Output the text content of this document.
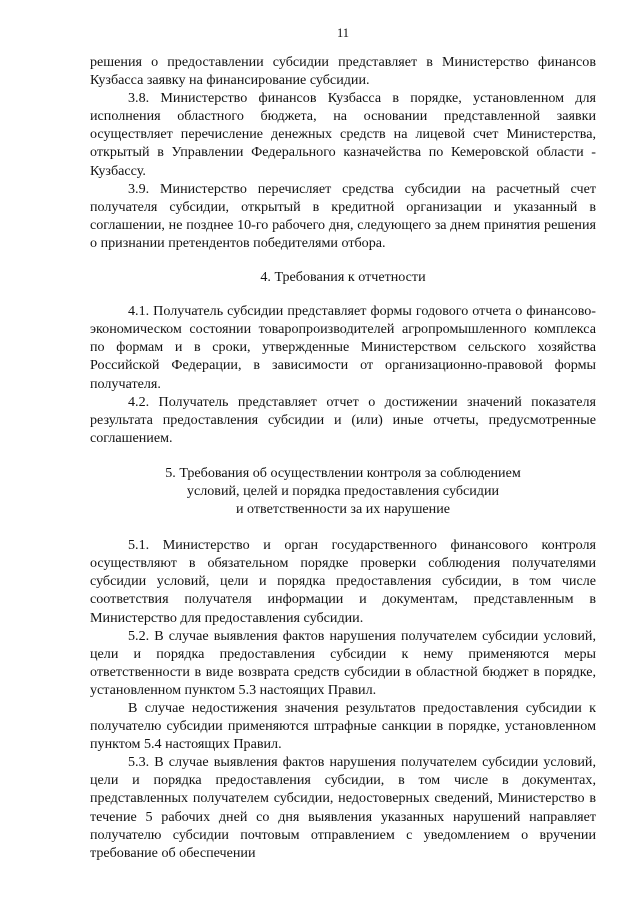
11

решения о предоставлении субсидии представляет в Министерство финансов Кузбасса заявку на финансирование субсидии.

3.8. Министерство финансов Кузбасса в порядке, установленном для исполнения областного бюджета, на основании представленной заявки осуществляет перечисление денежных средств на лицевой счет Министерства, открытый в Управлении Федерального казначейства по Кемеровской области - Кузбассу.

3.9. Министерство перечисляет средства субсидии на расчетный счет получателя субсидии, открытый в кредитной организации и указанный в соглашении, не позднее 10-го рабочего дня, следующего за днем принятия решения о признании претендентов победителями отбора.

4. Требования к отчетности

4.1. Получатель субсидии представляет формы годового отчета о финансово-экономическом состоянии товаропроизводителей агропромышленного комплекса по формам и в сроки, утвержденные Министерством сельского хозяйства Российской Федерации, в зависимости от организационно-правовой формы получателя.

4.2. Получатель представляет отчет о достижении значений показателя результата предоставления субсидии и (или) иные отчеты, предусмотренные соглашением.

5. Требования об осуществлении контроля за соблюдением
условий, целей и порядка предоставления субсидии
и ответственности за их нарушение

5.1. Министерство и орган государственного финансового контроля осуществляют в обязательном порядке проверки соблюдения получателями субсидии условий, цели и порядка предоставления субсидии, в том числе соответствия получателя информации и документам, представленным в Министерство для предоставления субсидии.

5.2. В случае выявления фактов нарушения получателем субсидии условий, цели и порядка предоставления субсидии к нему применяются меры ответственности в виде возврата средств субсидии в областной бюджет в порядке, установленном пунктом 5.3 настоящих Правил.

В случае недостижения значения результатов предоставления субсидии к получателю субсидии применяются штрафные санкции в порядке, установленном пунктом 5.4 настоящих Правил.

5.3. В случае выявления фактов нарушения получателем субсидии условий, цели и порядка предоставления субсидии, в том числе в документах, представленных получателем субсидии, недостоверных сведений, Министерство в течение 5 рабочих дней со дня выявления указанных нарушений направляет получателю субсидии почтовым отправлением с уведомлением о вручении требование об обеспечении
